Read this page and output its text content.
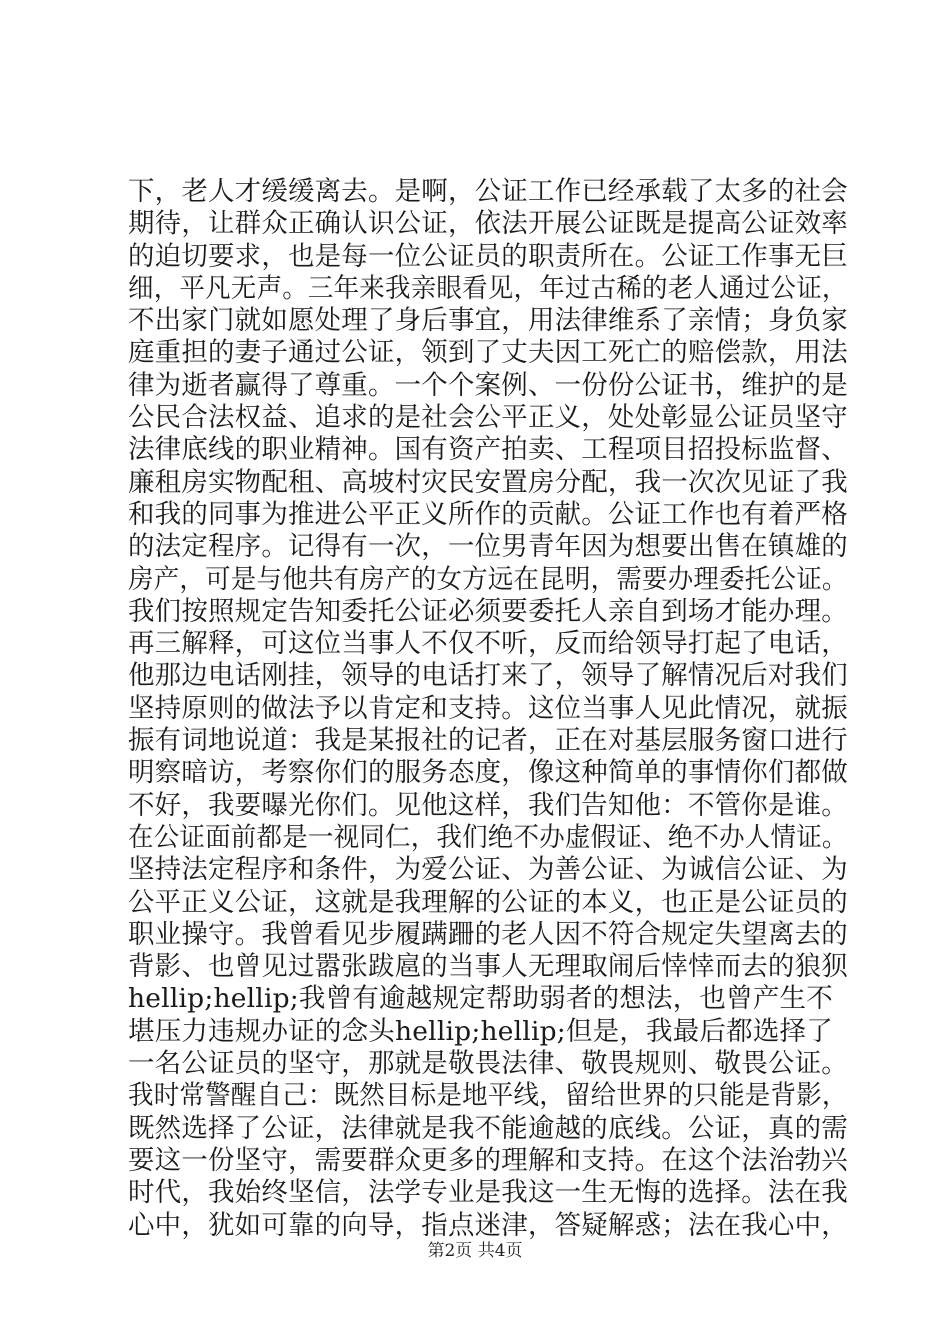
下，老人才缓缓离去。是啊，公证工作已经承载了太多的社会
期待，让群众正确认识公证，依法开展公证既是提高公证效率
的迫切要求，也是每一位公证员的职责所在。公证工作事无巨
细，平凡无声。三年来我亲眼看见，年过古稀的老人通过公证，
不出家门就如愿处理了身后事宜，用法律维系了亲情；身负家
庭重担的妻子通过公证，领到了丈夫因工死亡的赔偿款，用法
律为逝者赢得了尊重。一个个案例、一份份公证书，维护的是
公民合法权益、追求的是社会公平正义，处处彰显公证员坚守
法律底线的职业精神。国有资产拍卖、工程项目招投标监督、
廉租房实物配租、高坡村灾民安置房分配，我一次次见证了我
和我的同事为推进公平正义所作的贡献。公证工作也有着严格
的法定程序。记得有一次，一位男青年因为想要出售在镇雄的
房产，可是与他共有房产的女方远在昆明，需要办理委托公证。
我们按照规定告知委托公证必须要委托人亲自到场才能办理。
再三解释，可这位当事人不仅不听，反而给领导打起了电话，
他那边电话刚挂，领导的电话打来了，领导了解情况后对我们
坚持原则的做法予以肯定和支持。这位当事人见此情况，就振
振有词地说道：我是某报社的记者，正在对基层服务窗口进行
明察暗访，考察你们的服务态度，像这种简单的事情你们都做
不好，我要曝光你们。见他这样，我们告知他：不管你是谁。
在公证面前都是一视同仁，我们绝不办虚假证、绝不办人情证。
坚持法定程序和条件，为爱公证、为善公证、为诚信公证、为
公平正义公证，这就是我理解的公证的本义，也正是公证员的
职业操守。我曾看见步履蹒跚的老人因不符合规定失望离去的
背影、也曾见过嚣张跋扈的当事人无理取闹后悻悻而去的狼狈
hellip;hellip;我曾有逾越规定帮助弱者的想法，也曾产生不
堪压力违规办证的念头hellip;hellip;但是，我最后都选择了
一名公证员的坚守，那就是敬畏法律、敬畏规则、敬畏公证。
我时常警醒自己：既然目标是地平线，留给世界的只能是背影，
既然选择了公证，法律就是我不能逾越的底线。公证，真的需
要这一份坚守，需要群众更多的理解和支持。在这个法治勃兴
时代，我始终坚信，法学专业是我这一生无悔的选择。法在我
心中，犹如可靠的向导，指点迷津，答疑解惑；法在我心中，
第2页 共4页
